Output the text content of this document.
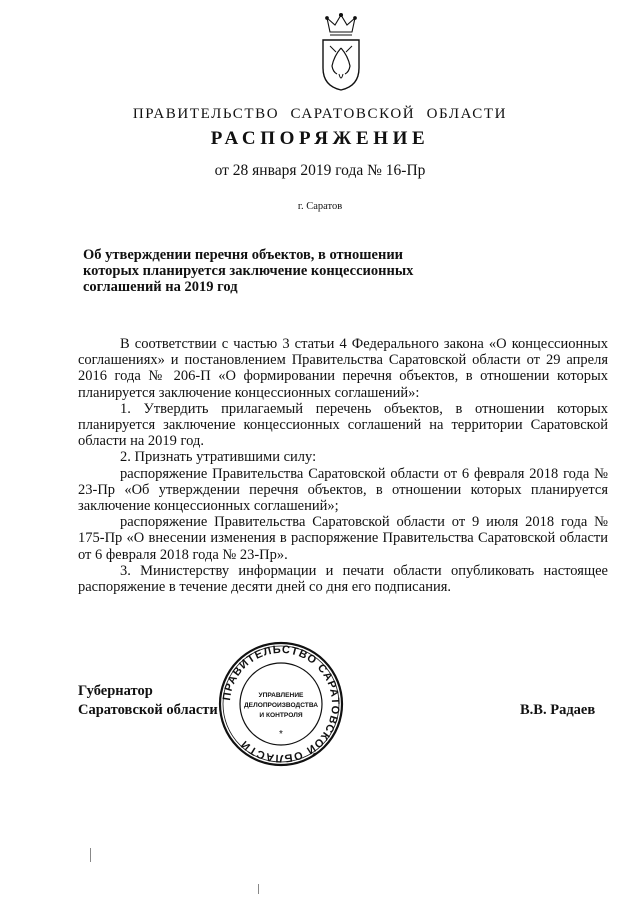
ПРАВИТЕЛЬСТВО САРАТОВСКОЙ ОБЛАСТИ
РАСПОРЯЖЕНИЕ
от 28 января 2019 года № 16-Пр
г. Саратов
Об утверждении перечня объектов, в отношении
которых планируется заключение концессионных
соглашений на 2019 год

В соответствии с частью 3 статьи 4 Федерального закона «О концессионных соглашениях» и постановлением Правительства Саратовской области от 29 апреля 2016 года № 206-П «О формировании перечня объектов, в отношении которых планируется заключение концессионных соглашений»:

1. Утвердить прилагаемый перечень объектов, в отношении которых планируется заключение концессионных соглашений на территории Саратовской области на 2019 год.

2. Признать утратившими силу:

распоряжение Правительства Саратовской области от 6 февраля 2018 года № 23-Пр «Об утверждении перечня объектов, в отношении которых планируется заключение концессионных соглашений»;

распоряжение Правительства Саратовской области от 9 июля 2018 года № 175-Пр «О внесении изменения в распоряжение Правительства Саратовской области от 6 февраля 2018 года № 23-Пр».

3. Министерству информации и печати области опубликовать настоящее распоряжение в течение десяти дней со дня его подписания.

Губернатор
Саратовской области
ПРАВИТЕЛЬСТВО САРАТОВСКОЙ ОБЛАСТИ
УПРАВЛЕНИЕ
ДЕЛОПРОИЗВОДСТВА
И КОНТРОЛЯ
*
В.В. Радаев
